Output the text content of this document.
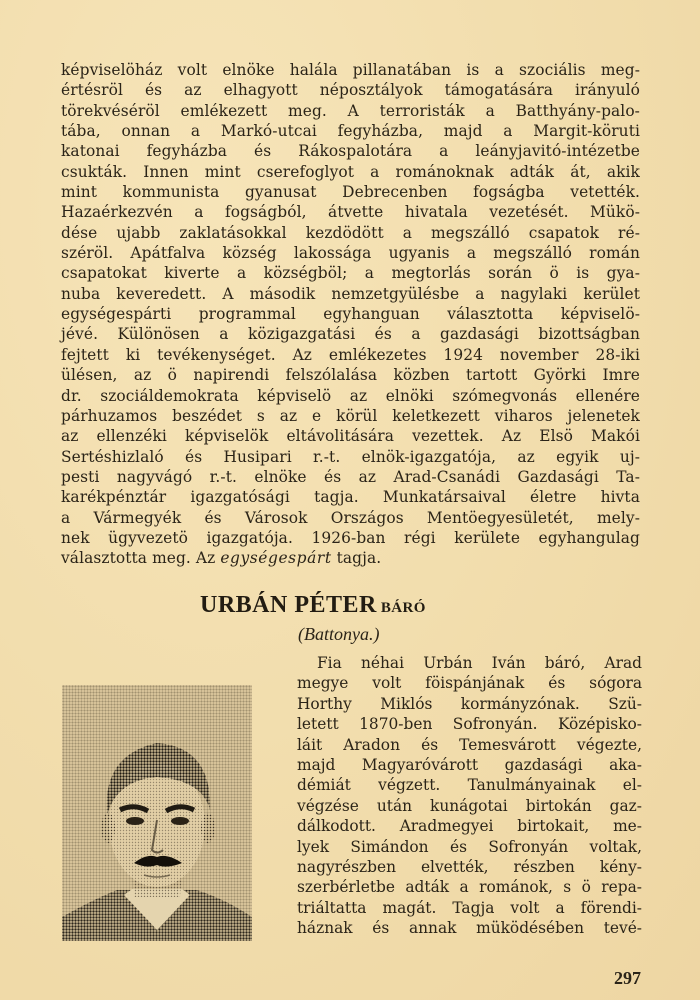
képviselöház volt elnöke halála pillanatában is a szociális meg-
értésröl és az elhagyott néposztályok támogatására irányuló
törekvéséröl emlékezett meg. A terroristák a Batthyány-palo-
tába, onnan a Markó-utcai fegyházba, majd a Margit-köruti
katonai fegyházba és Rákospalotára a leányjavitó-intézetbe
csukták. Innen mint cserefoglyot a románoknak adták át, akik
mint kommunista gyanusat Debrecenben fogságba vetették.
Hazaérkezvén a fogságból, átvette hivatala vezetését. Mükö-
dése ujabb zaklatásokkal kezdödött a megszálló csapatok ré-
széröl. Apátfalva község lakossága ugyanis a megszálló román
csapatokat kiverte a községböl; a megtorlás során ö is gya-
nuba keveredett. A második nemzetgyülésbe a nagylaki kerület
egységespárti programmal egyhanguan választotta képviselö-
jévé. Különösen a közigazgatási és a gazdasági bizottságban
fejtett ki tevékenységet. Az emlékezetes 1924 november 28-iki
ülésen, az ö napirendi felszólalása közben tartott Györki Imre
dr. szociáldemokrata képviselö az elnöki szómegvonás ellenére
párhuzamos beszédet s az e körül keletkezett viharos jelenetek
az ellenzéki képviselök eltávolitására vezettek. Az Elsö Makói
Sertéshizlaló és Husipari r.-t. elnök-igazgatója, az egyik uj-
pesti nagyvágó r.-t. elnöke és az Arad-Csanádi Gazdasági Ta-
karékpénztár igazgatósági tagja. Munkatársaival életre hivta
a Vármegyék és Városok Országos Mentöegyesületét, mely-
nek ügyvezetö igazgatója. 1926-ban régi kerülete egyhangulag
választotta meg. Az egységespárt tagja.
URBÁN PÉTER BÁRÓ
(Battonya.)
Fia néhai Urbán Iván báró, Arad
megye volt föispánjának és sógora
Horthy Miklós kormányzónak. Szü-
letett 1870-ben Sofronyán. Középisko-
láit Aradon és Temesvárott végezte,
majd Magyaróvárott gazdasági aka-
démiát végzett. Tanulmányainak el-
végzése után kunágotai birtokán gaz-
dálkodott. Aradmegyei birtokait, me-
lyek Simándon és Sofronyán voltak,
nagyrészben elvették, részben kény-
szerbérletbe adták a románok, s ö repa-
triáltatta magát. Tagja volt a förendi-
háznak és annak müködésében tevé-
297
